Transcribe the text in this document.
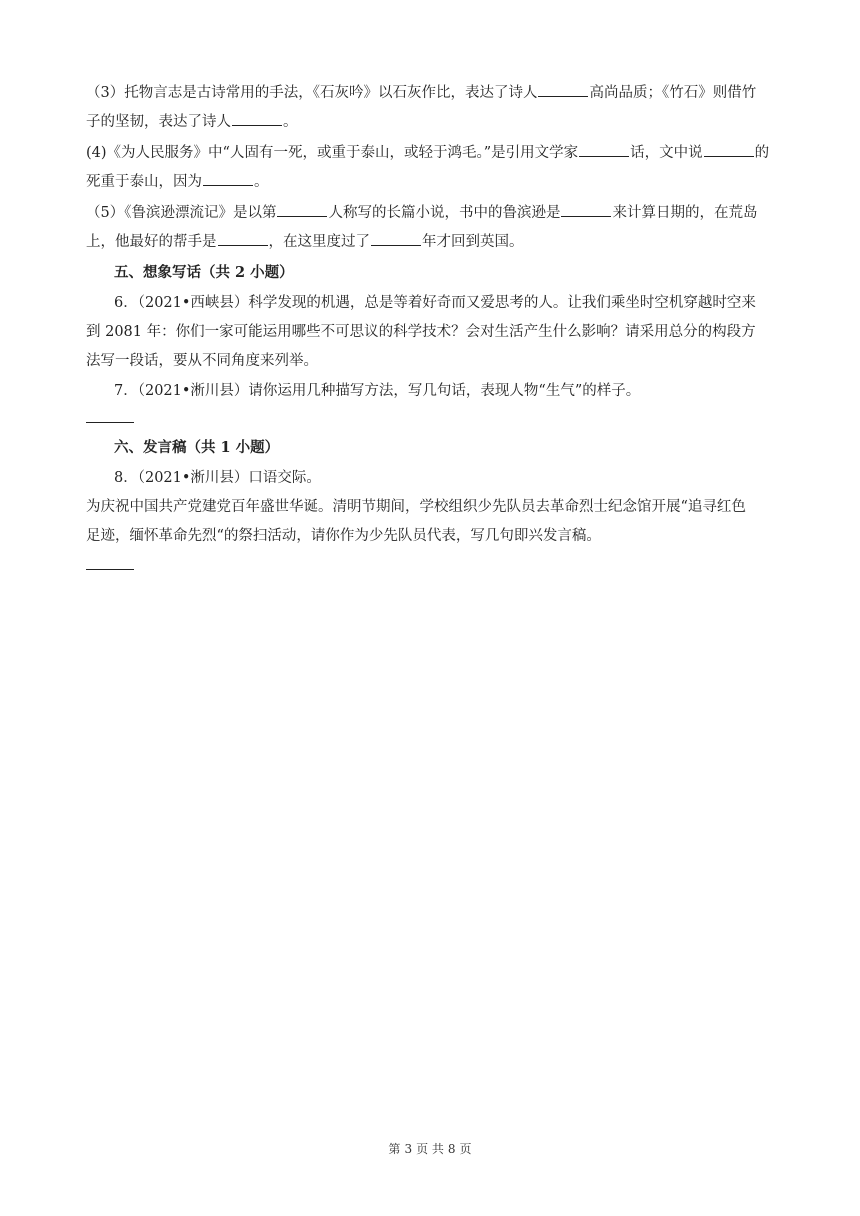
（3）托物言志是古诗常用的手法，《石灰吟》以石灰作比，表达了诗人	高尚品质；《竹石》则借竹
子的坚韧，表达了诗人	。
(4)《为人民服务》中“人固有一死，或重于泰山，或轻于鸿毛。”是引用文学家	话，文中说	的
死重于泰山，因为	。
（5）《鲁滨逊漂流记》是以第	人称写的长篇小说，书中的鲁滨逊是	来计算日期的，在荒岛
上，他最好的帮手是	，在这里度过了	年才回到英国。
五、想象写话（共 2 小题）
6．（2021•西峡县）科学发现的机遇，总是等着好奇而又爱思考的人。让我们乘坐时空机穿越时空来
到 2081 年：你们一家可能运用哪些不可思议的科学技术？会对生活产生什么影响？请采用总分的构段方
法写一段话，要从不同角度来列举。
7．（2021•淅川县）请你运用几种描写方法，写几句话，表现人物“生气”的样子。
六、发言稿（共 1 小题）
8．（2021•淅川县）口语交际。
为庆祝中国共产党建党百年盛世华诞。清明节期间，学校组织少先队员去革命烈士纪念馆开展“追寻红色
足迹，缅怀革命先烈“的祭扫活动，请你作为少先队员代表，写几句即兴发言稿。
第 3 页 共 8 页
